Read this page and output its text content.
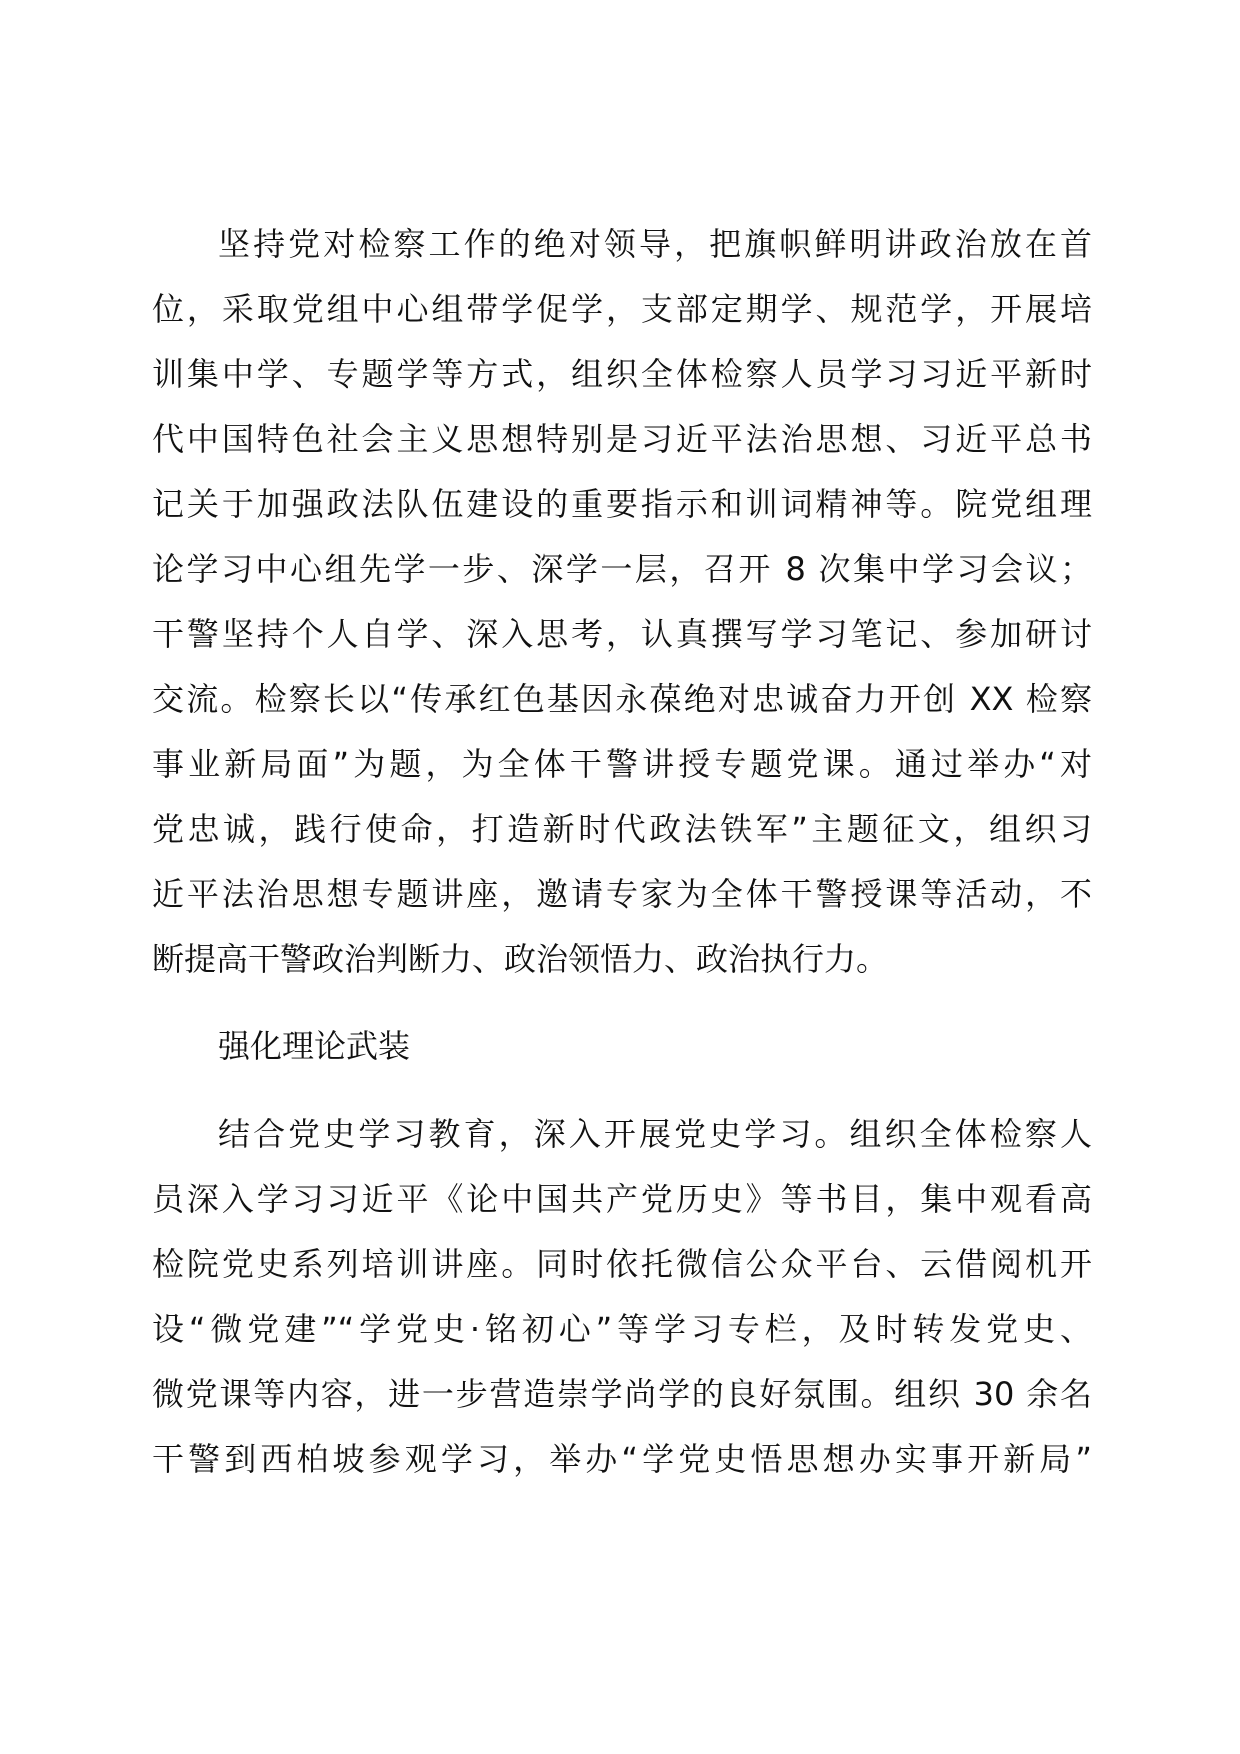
坚持党对检察工作的绝对领导，把旗帜鲜明讲政治放在首
位，采取党组中心组带学促学，支部定期学、规范学，开展培
训集中学、专题学等方式，组织全体检察人员学习习近平新时
代中国特色社会主义思想特别是习近平法治思想、习近平总书
记关于加强政法队伍建设的重要指示和训词精神等。院党组理
论学习中心组先学一步、深学一层，召开 8 次集中学习会议；
干警坚持个人自学、深入思考，认真撰写学习笔记、参加研讨
交流。检察长以“传承红色基因永葆绝对忠诚奋力开创 XX 检察
事业新局面”为题，为全体干警讲授专题党课。通过举办“对
党忠诚，践行使命，打造新时代政法铁军”主题征文，组织习
近平法治思想专题讲座，邀请专家为全体干警授课等活动，不
断提高干警政治判断力、政治领悟力、政治执行力。
强化理论武装
结合党史学习教育，深入开展党史学习。组织全体检察人
员深入学习习近平《论中国共产党历史》等书目，集中观看高
检院党史系列培训讲座。同时依托微信公众平台、云借阅机开
设“微党建”“学党史·铭初心”等学习专栏，及时转发党史、
微党课等内容，进一步营造崇学尚学的良好氛围。组织 30 余名
干警到西柏坡参观学习，举办“学党史悟思想办实事开新局”
